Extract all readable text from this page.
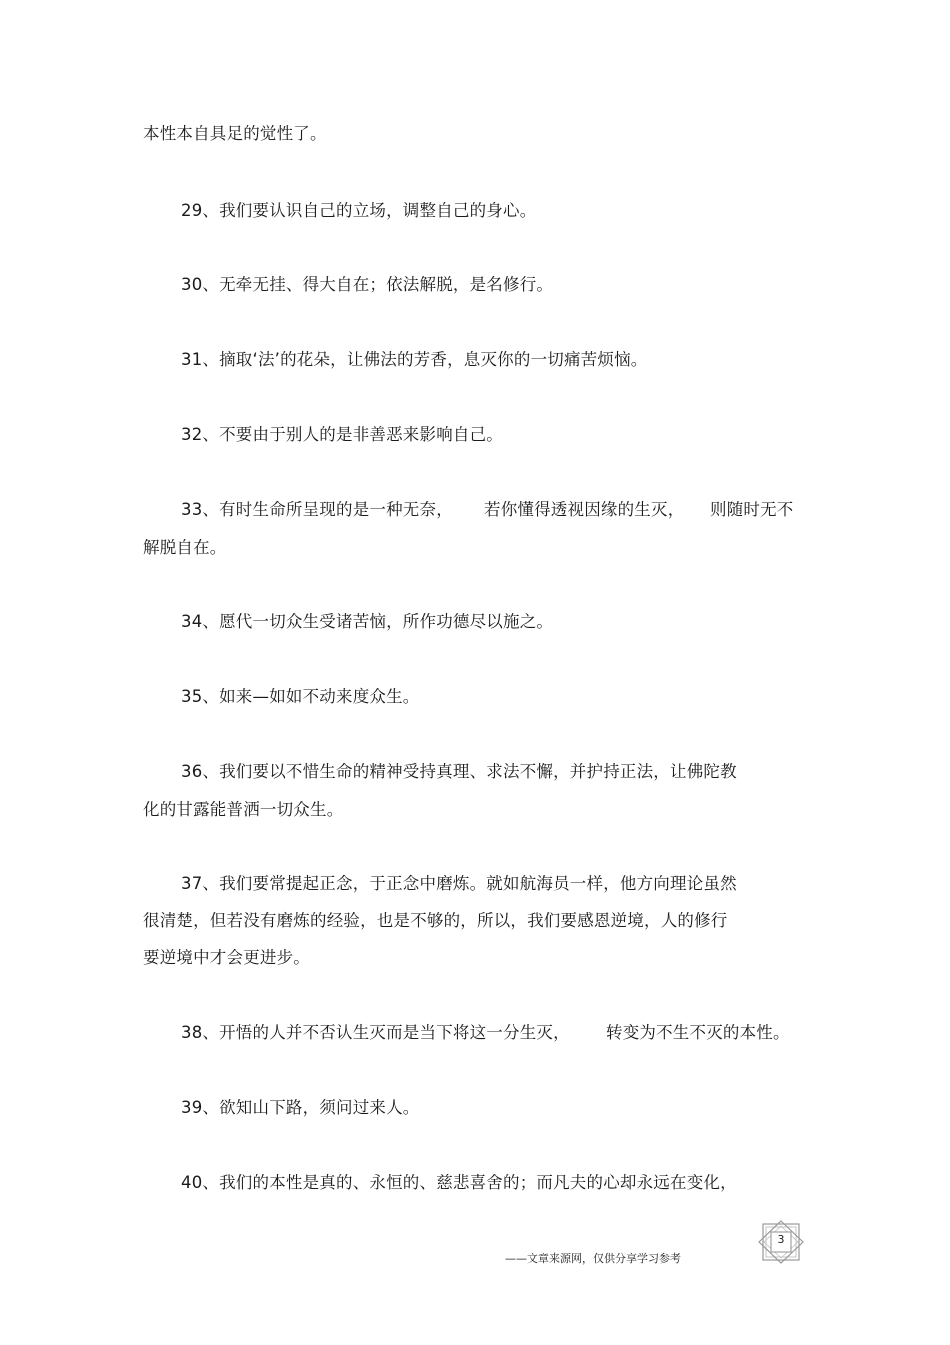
本性本自具足的觉性了。

29、我们要认识自己的立场，调整自己的身心。

30、无牵无挂、得大自在；依法解脱，是名修行。

31、摘取‘法’的花朵，让佛法的芳香，息灭你的一切痛苦烦恼。

32、不要由于别人的是非善恶来影响自己。

33、有时生命所呈现的是一种无奈， 若你懂得透视因缘的生灭， 则随时无不

解脱自在。

34、愿代一切众生受诸苦恼，所作功德尽以施之。

35、如来—如如不动来度众生。

36、我们要以不惜生命的精神受持真理、求法不懈，并护持正法，让佛陀教

化的甘露能普洒一切众生。

37、我们要常提起正念，于正念中磨炼。就如航海员一样，他方向理论虽然

很清楚，但若没有磨炼的经验，也是不够的，所以，我们要感恩逆境，人的修行

要逆境中才会更进步。

38、开悟的人并不否认生灭而是当下将这一分生灭， 转变为不生不灭的本性。

39、欲知山下路，须问过来人。

40、我们的本性是真的、永恒的、慈悲喜舍的；而凡夫的心却永远在变化，

——文章来源网，仅供分享学习参考
3
